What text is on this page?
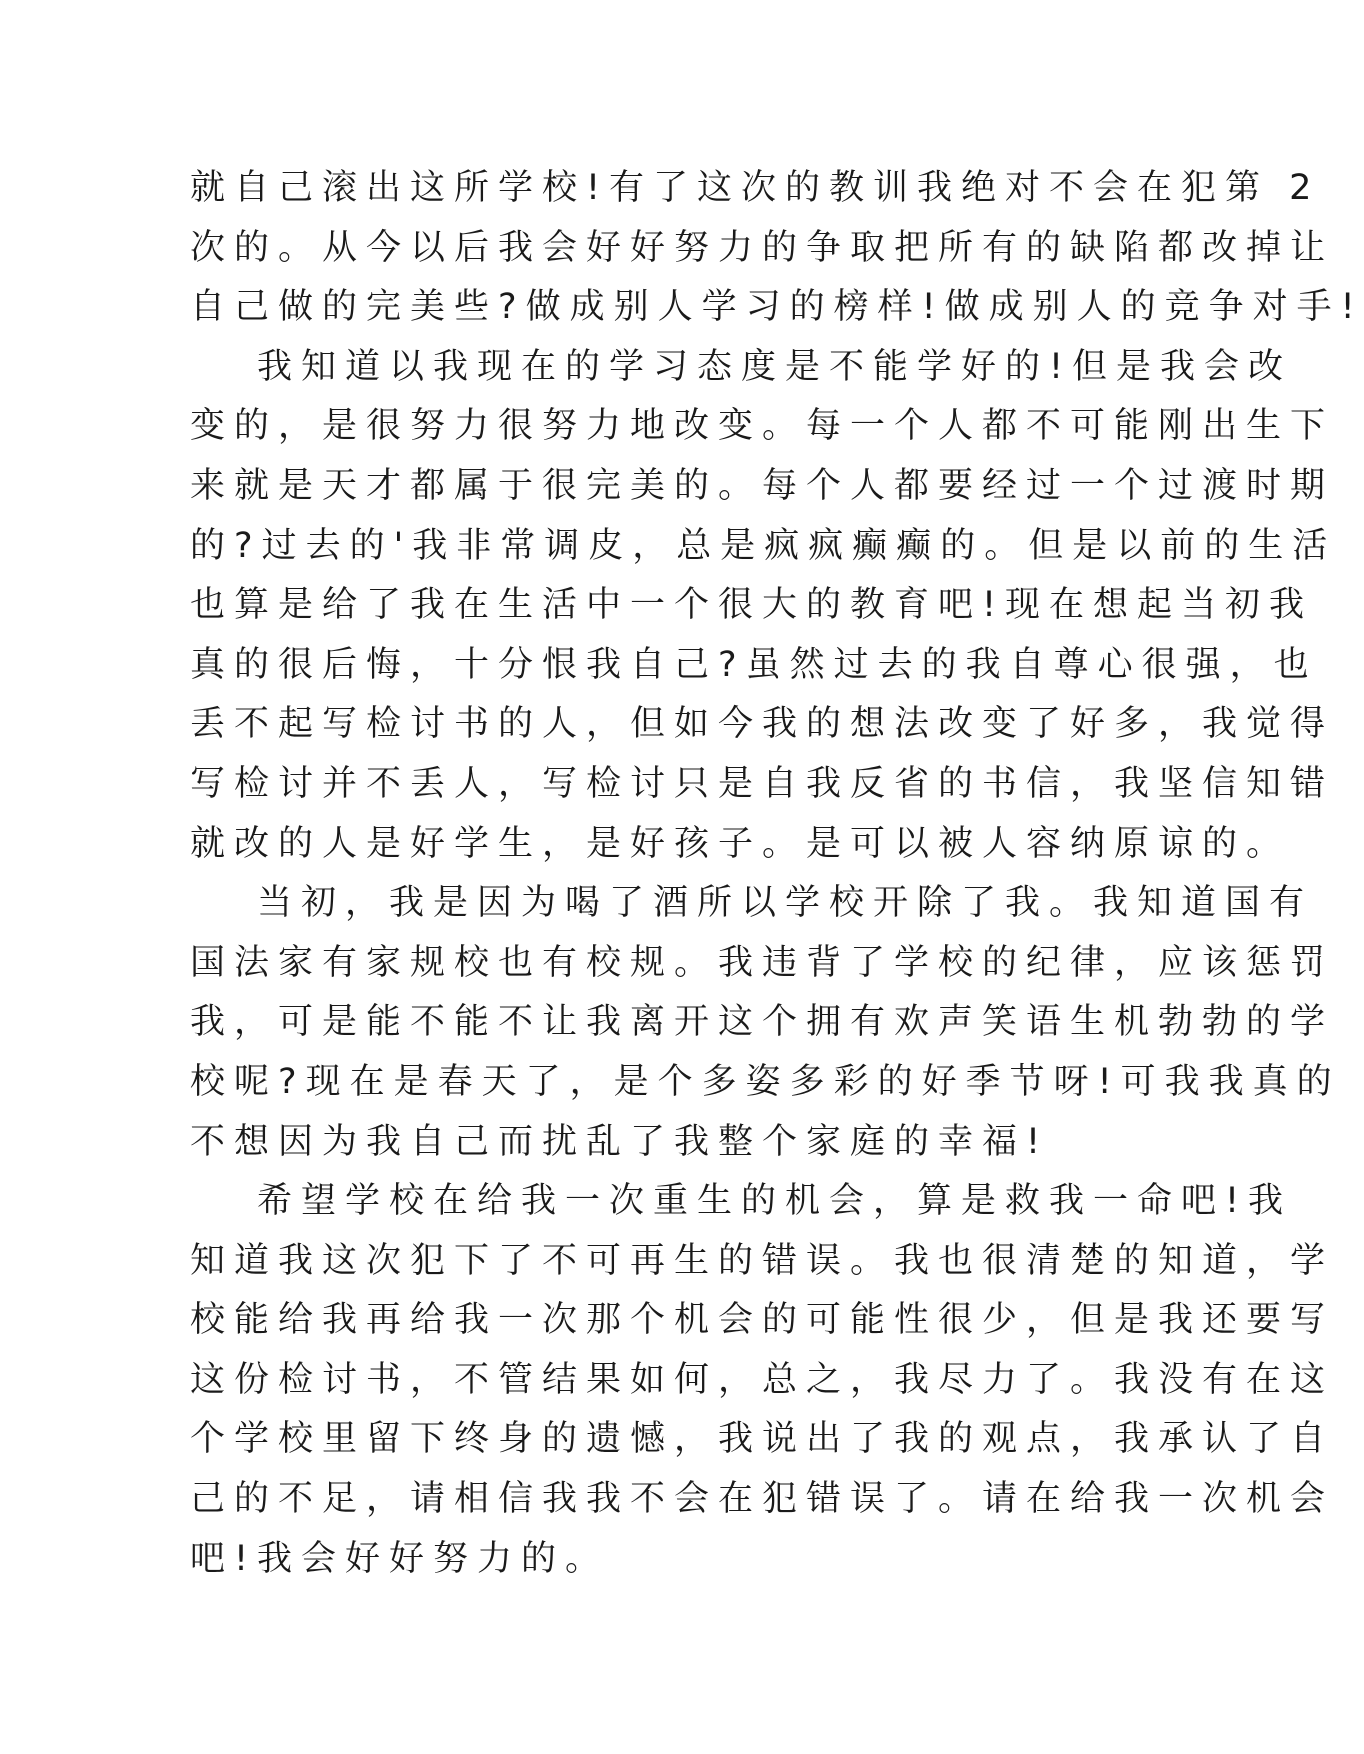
就自己滚出这所学校!有了这次的教训我绝对不会在犯第 2
次的。从今以后我会好好努力的争取把所有的缺陷都改掉让
自己做的完美些?做成别人学习的榜样!做成别人的竞争对手!
我知道以我现在的学习态度是不能学好的!但是我会改
变的，是很努力很努力地改变。每一个人都不可能刚出生下
来就是天才都属于很完美的。每个人都要经过一个过渡时期
的?过去的'我非常调皮，总是疯疯癫癫的。但是以前的生活
也算是给了我在生活中一个很大的教育吧!现在想起当初我
真的很后悔，十分恨我自己?虽然过去的我自尊心很强，也
丢不起写检讨书的人，但如今我的想法改变了好多，我觉得
写检讨并不丢人，写检讨只是自我反省的书信，我坚信知错
就改的人是好学生，是好孩子。是可以被人容纳原谅的。
当初，我是因为喝了酒所以学校开除了我。我知道国有
国法家有家规校也有校规。我违背了学校的纪律，应该惩罚
我，可是能不能不让我离开这个拥有欢声笑语生机勃勃的学
校呢?现在是春天了，是个多姿多彩的好季节呀!可我我真的
不想因为我自己而扰乱了我整个家庭的幸福!
希望学校在给我一次重生的机会，算是救我一命吧!我
知道我这次犯下了不可再生的错误。我也很清楚的知道，学
校能给我再给我一次那个机会的可能性很少，但是我还要写
这份检讨书，不管结果如何，总之，我尽力了。我没有在这
个学校里留下终身的遗憾，我说出了我的观点，我承认了自
己的不足，请相信我我不会在犯错误了。请在给我一次机会
吧!我会好好努力的。
